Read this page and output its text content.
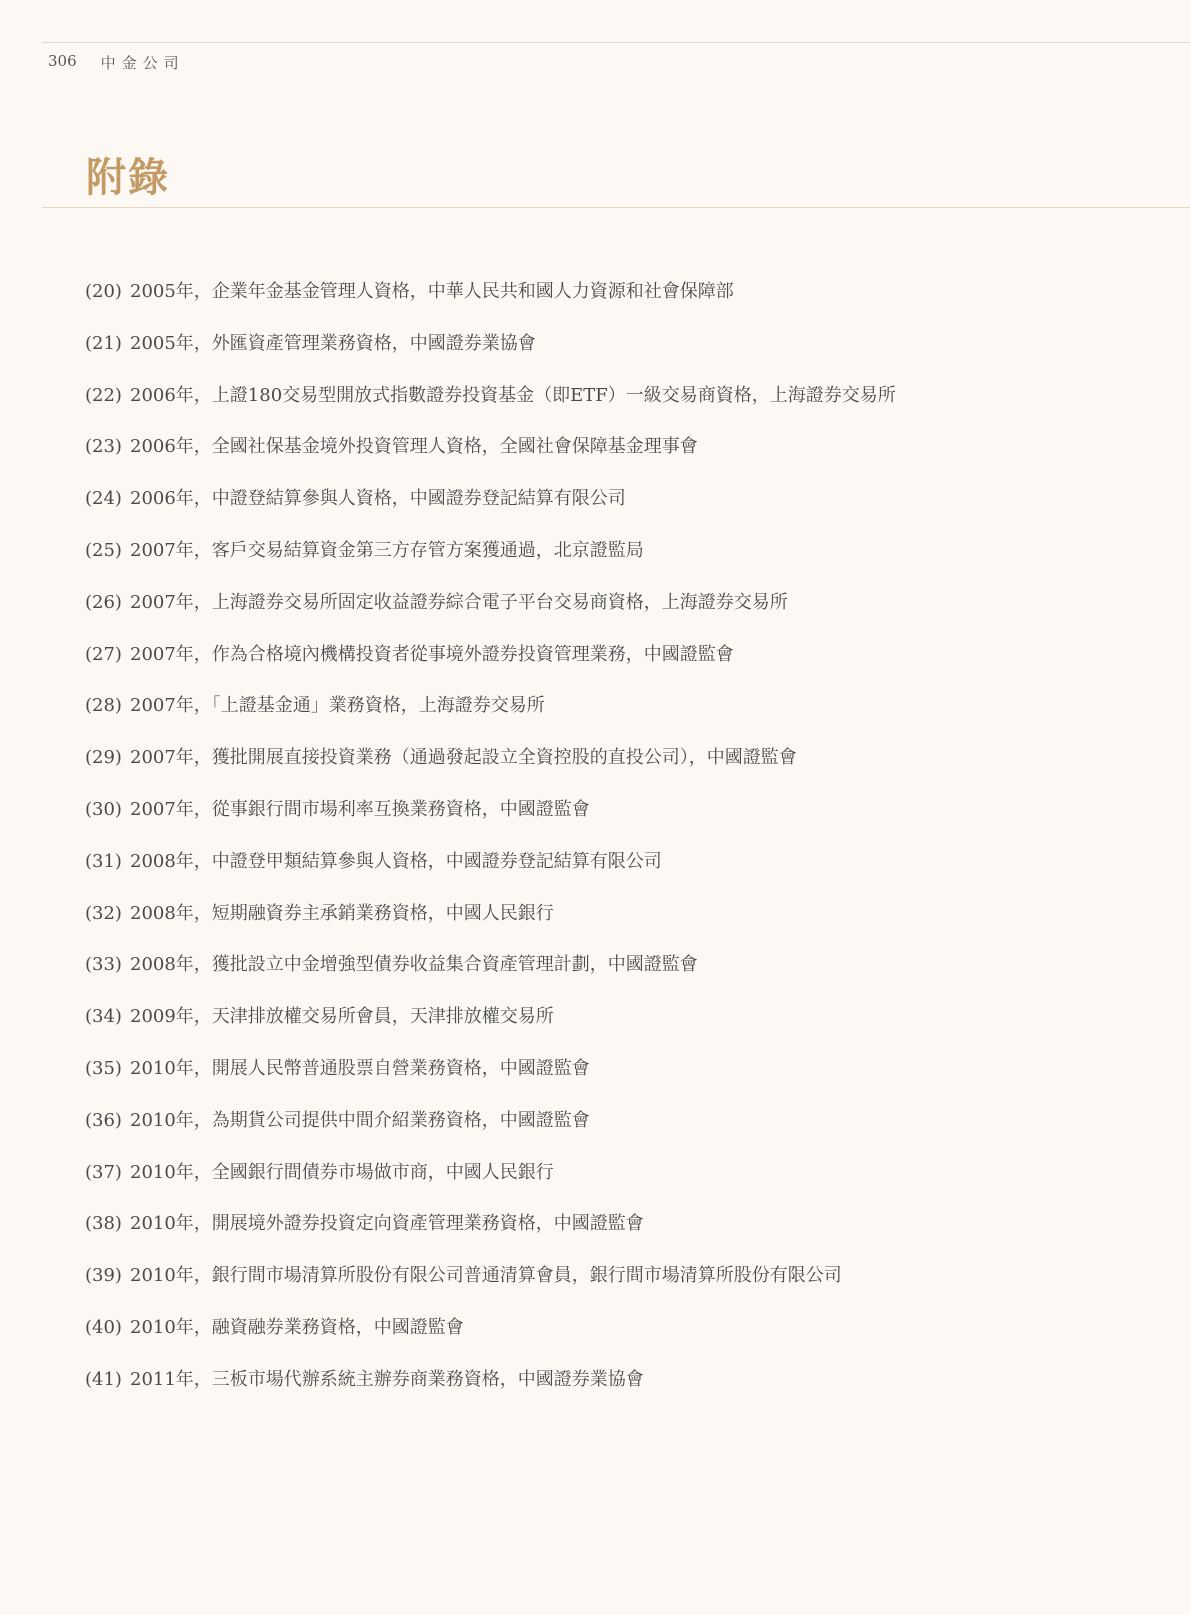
306 中金公司
附錄
(20) 2005年，企業年金基金管理人資格，中華人民共和國人力資源和社會保障部
(21) 2005年，外匯資產管理業務資格，中國證券業協會
(22) 2006年，上證180交易型開放式指數證券投資基金（即ETF）一級交易商資格，上海證券交易所
(23) 2006年，全國社保基金境外投資管理人資格，全國社會保障基金理事會
(24) 2006年，中證登結算參與人資格，中國證券登記結算有限公司
(25) 2007年，客戶交易結算資金第三方存管方案獲通過，北京證監局
(26) 2007年，上海證券交易所固定收益證券綜合電子平台交易商資格，上海證券交易所
(27) 2007年，作為合格境內機構投資者從事境外證券投資管理業務，中國證監會
(28) 2007年，「上證基金通」業務資格，上海證券交易所
(29) 2007年，獲批開展直接投資業務（通過發起設立全資控股的直投公司），中國證監會
(30) 2007年，從事銀行間市場利率互換業務資格，中國證監會
(31) 2008年，中證登甲類結算參與人資格，中國證券登記結算有限公司
(32) 2008年，短期融資券主承銷業務資格，中國人民銀行
(33) 2008年，獲批設立中金增強型債券收益集合資產管理計劃，中國證監會
(34) 2009年，天津排放權交易所會員，天津排放權交易所
(35) 2010年，開展人民幣普通股票自營業務資格，中國證監會
(36) 2010年，為期貨公司提供中間介紹業務資格，中國證監會
(37) 2010年，全國銀行間債券市場做市商，中國人民銀行
(38) 2010年，開展境外證券投資定向資產管理業務資格，中國證監會
(39) 2010年，銀行間市場清算所股份有限公司普通清算會員，銀行間市場清算所股份有限公司
(40) 2010年，融資融券業務資格，中國證監會
(41) 2011年，三板市場代辦系統主辦券商業務資格，中國證券業協會
